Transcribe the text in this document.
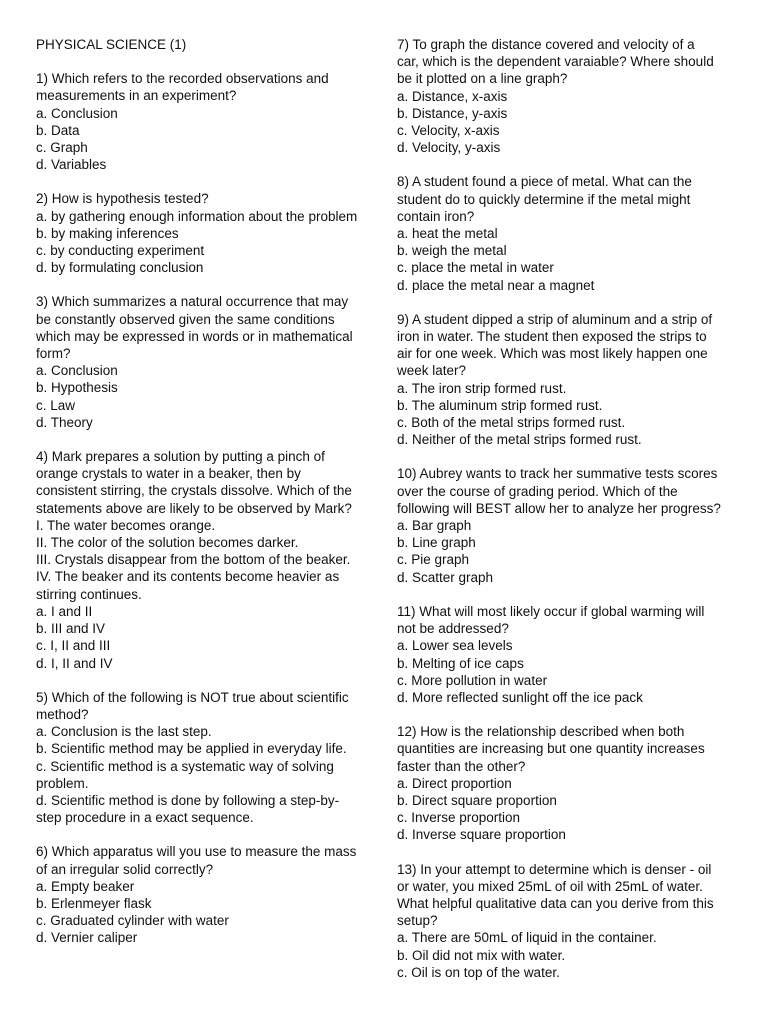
PHYSICAL SCIENCE (1)
1) Which refers to the recorded observations and
measurements in an experiment?
a. Conclusion
b. Data
c. Graph
d. Variables
2) How is hypothesis tested?
a. by gathering enough information about the problem
b. by making inferences
c. by conducting experiment
d. by formulating conclusion
3) Which summarizes a natural occurrence that may
be constantly observed given the same conditions
which may be expressed in words or in mathematical
form?
a. Conclusion
b. Hypothesis
c. Law
d. Theory
4) Mark prepares a solution by putting a pinch of
orange crystals to water in a beaker, then by
consistent stirring, the crystals dissolve. Which of the
statements above are likely to be observed by Mark?
I. The water becomes orange.
II. The color of the solution becomes darker.
III. Crystals disappear from the bottom of the beaker.
IV. The beaker and its contents become heavier as
stirring continues.
a. I and II
b. III and IV
c. I, II and III
d. I, II and IV
5) Which of the following is NOT true about scientific
method?
a. Conclusion is the last step.
b. Scientific method may be applied in everyday life.
c. Scientific method is a systematic way of solving
problem.
d. Scientific method is done by following a step-by-
step procedure in a exact sequence.
6) Which apparatus will you use to measure the mass
of an irregular solid correctly?
a. Empty beaker
b. Erlenmeyer flask
c. Graduated cylinder with water
d. Vernier caliper
7) To graph the distance covered and velocity of a
car, which is the dependent varaiable? Where should
be it plotted on a line graph?
a. Distance, x-axis
b. Distance, y-axis
c. Velocity, x-axis
d. Velocity, y-axis
8) A student found a piece of metal. What can the
student do to quickly determine if the metal might
contain iron?
a. heat the metal
b. weigh the metal
c. place the metal in water
d. place the metal near a magnet
9) A student dipped a strip of aluminum and a strip of
iron in water. The student then exposed the strips to
air for one week. Which was most likely happen one
week later?
a. The iron strip formed rust.
b. The aluminum strip formed rust.
c. Both of the metal strips formed rust.
d. Neither of the metal strips formed rust.
10) Aubrey wants to track her summative tests scores
over the course of grading period. Which of the
following will BEST allow her to analyze her progress?
a. Bar graph
b. Line graph
c. Pie graph
d. Scatter graph
11) What will most likely occur if global warming will
not be addressed?
a. Lower sea levels
b. Melting of ice caps
c. More pollution in water
d. More reflected sunlight off the ice pack
12) How is the relationship described when both
quantities are increasing but one quantity increases
faster than the other?
a. Direct proportion
b. Direct square proportion
c. Inverse proportion
d. Inverse square proportion
13) In your attempt to determine which is denser - oil
or water, you mixed 25mL of oil with 25mL of water.
What helpful qualitative data can you derive from this
setup?
a. There are 50mL of liquid in the container.
b. Oil did not mix with water.
c. Oil is on top of the water.
